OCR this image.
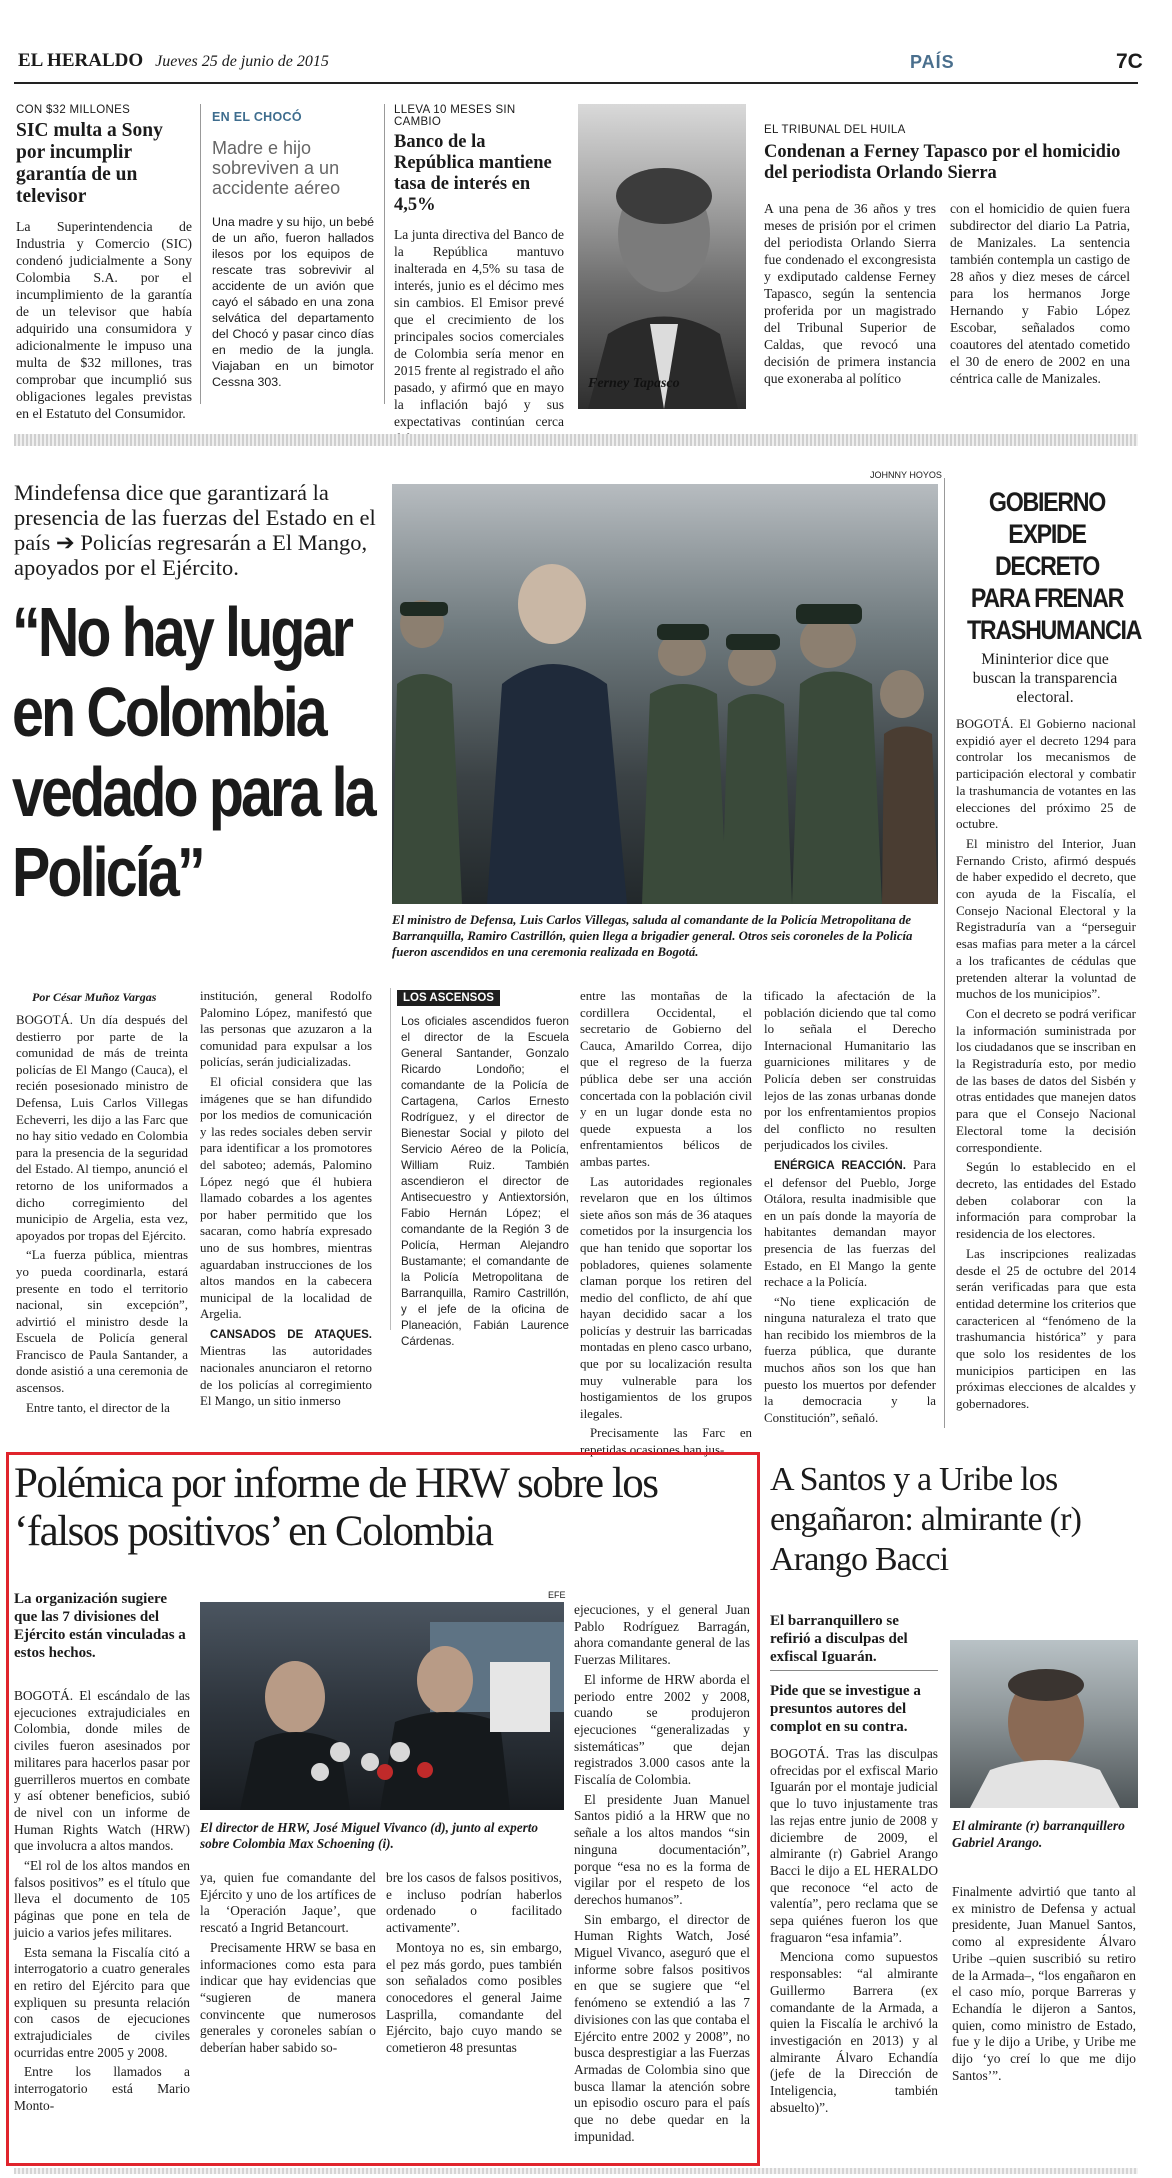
EL HERALDO Jueves 25 de junio de 2015	PAÍS	7C
CON $32 MILLONES
SIC multa a Sony por incumplir garantía de un televisor
La Superintendencia de Industria y Comercio (SIC) condenó judicialmente a Sony Colombia S.A. por el incumplimiento de la garantía de un televisor que había adquirido una consumidora y adicionalmente le impuso una multa de $32 millones, tras comprobar que incumplió sus obligaciones legales previstas en el Estatuto del Consumidor.
EN EL CHOCÓ
Madre e hijo sobreviven a un accidente aéreo
Una madre y su hijo, un bebé de un año, fueron hallados ilesos por los equipos de rescate tras sobrevivir al accidente de un avión que cayó el sábado en una zona selvática del departamento del Chocó y pasar cinco días en medio de la jungla. Viajaban en un bimotor Cessna 303.
LLEVA 10 MESES SIN CAMBIO
Banco de la República mantiene tasa de interés en 4,5%
La junta directiva del Banco de la República mantuvo inalterada en 4,5% su tasa de interés, junio es el décimo mes sin cambios. El Emisor prevé que el crecimiento de los principales socios comerciales de Colombia sería menor en 2015 frente al registrado el año pasado, y afirmó que en mayo la inflación bajó y sus expectativas continúan cerca
Ferney Tapasco
EL TRIBUNAL DEL HUILA
Condenan a Ferney Tapasco por el homicidio del periodista Orlando Sierra
A una pena de 36 años y tres meses de prisión por el crimen del periodista Orlando Sierra fue condenado el excongresista y exdiputado caldense Ferney Tapasco, según la sentencia proferida por un magistrado del Tribunal Superior de Caldas, que revocó una decisión de primera instancia que exoneraba al político
con el homicidio de quien fuera subdirector del diario La Patria, de Manizales. La sentencia también contempla un castigo de 28 años y diez meses de cárcel para los hermanos Jorge Hernando y Fabio López Escobar, señalados como coautores del atentado cometido el 30 de enero de 2002 en una céntrica calle de Manizales.
Mindefensa dice que garantizará la presencia de las fuerzas del Estado en el país ➔ Policías regresarán a El Mango, apoyados por el Ejército.
“No hay lugar en Colombia vedado para la Policía”
JOHNNY HOYOS
El ministro de Defensa, Luis Carlos Villegas, saluda al comandante de la Policía Metropolitana de Barranquilla, Ramiro Castrillón, quien llega a brigadier general. Otros seis coroneles de la Policía fueron ascendidos en una ceremonia realizada en Bogotá.
Por César Muñoz Vargas

BOGOTÁ. Un día después del destierro por parte de la comunidad de más de treinta policías de El Mango (Cauca), el recién posesionado ministro de Defensa, Luis Carlos Villegas Echeverri, les dijo a las Farc que no hay sitio vedado en Colombia para la presencia de la seguridad del Estado. Al tiempo, anunció el retorno de los uniformados a dicho corregimiento del municipio de Argelia, esta vez, apoyados por tropas del Ejército.

“La fuerza pública, mientras yo pueda coordinarla, estará presente en todo el territorio nacional, sin excepción”, advirtió el ministro desde la Escuela de Policía general Francisco de Paula Santander, a donde asistió a una ceremonia de ascensos.

Entre tanto, el director de la

institución, general Rodolfo Palomino López, manifestó que las personas que azuzaron a la comunidad para expulsar a los policías, serán judicializadas.

El oficial considera que las imágenes que se han difundido por los medios de comunicación y las redes sociales deben servir para identificar a los promotores del saboteo; además, Palomino López negó que él hubiera llamado cobardes a los agentes por haber permitido que los sacaran, como habría expresado uno de sus hombres, mientras aguardaban instrucciones de los altos mandos en la cabecera municipal de la localidad de Argelia.

CANSADOS DE ATAQUES. Mientras las autoridades nacionales anunciaron el retorno de los policías al corregimiento El Mango, un sitio inmerso

LOS ASCENSOS
Los oficiales ascendidos fueron el director de la Escuela General Santander, Gonzalo Ricardo Londoño; el comandante de la Policía de Cartagena, Carlos Ernesto Rodríguez, y el director de Bienestar Social y piloto del Servicio Aéreo de la Policía, William Ruiz. También ascendieron el director de Antisecuestro y Antiextorsión, Fabio Hernán López; el comandante de la Región 3 de Policía, Herman Alejandro Bustamante; el comandante de la Policía Metropolitana de Barranquilla, Ramiro Castrillón, y el jefe de la oficina de Planeación, Fabián Laurence Cárdenas.

entre las montañas de la cordillera Occidental, el secretario de Gobierno del Cauca, Amarildo Correa, dijo que el regreso de la fuerza pública debe ser una acción concertada con la población civil y en un lugar donde esta no quede expuesta a los enfrentamientos bélicos de ambas partes.

Las autoridades regionales revelaron que en los últimos siete años son más de 36 ataques cometidos por la insurgencia los que han tenido que soportar los pobladores, quienes solamente claman porque los retiren del medio del conflicto, de ahí que hayan decidido sacar a los policías y destruir las barricadas montadas en pleno casco urbano, que por su localización resulta muy vulnerable para los hostigamientos de los grupos ilegales.

Precisamente las Farc en repetidas ocasiones han jus-

tificado la afectación de la población diciendo que tal como lo señala el Derecho Internacional Humanitario las guarniciones militares y de Policía deben ser construidas lejos de las zonas urbanas donde por los enfrentamientos propios del conflicto no resulten perjudicados los civiles.

ENÉRGICA REACCIÓN. Para el defensor del Pueblo, Jorge Otálora, resulta inadmisible que en un país donde la mayoría de habitantes demandan mayor presencia de las fuerzas del Estado, en El Mango la gente rechace a la Policía.

“No tiene explicación de ninguna naturaleza el trato que han recibido los miembros de la fuerza pública, que durante muchos años son los que han puesto los muertos por defender la democracia y la Constitución”, señaló.

GOBIERNO EXPIDE DECRETO PARA FRENAR TRASHUMANCIA
Mininterior dice que buscan la transparencia electoral.

BOGOTÁ. El Gobierno nacional expidió ayer el decreto 1294 para controlar los mecanismos de participación electoral y combatir la trashumancia de votantes en las elecciones del próximo 25 de octubre.

El ministro del Interior, Juan Fernando Cristo, afirmó después de haber expedido el decreto, que con ayuda de la Fiscalía, el Consejo Nacional Electoral y la Registraduría van a “perseguir esas mafias para meter a la cárcel a los traficantes de cédulas que pretenden alterar la voluntad de muchos de los municipios”.

Con el decreto se podrá verificar la información suministrada por los ciudadanos que se inscriban en la Registraduría esto, por medio de las bases de datos del Sisbén y otras entidades que manejen datos para que el Consejo Nacional Electoral tome la decisión correspondiente.

Según lo establecido en el decreto, las entidades del Estado deben colaborar con la información para comprobar la residencia de los electores.

Las inscripciones realizadas desde el 25 de octubre del 2014 serán verificadas para que esta entidad determine los criterios que caractericen al “fenómeno de la trashumancia histórica” y para que solo los residentes de los municipios participen en las próximas elecciones de alcaldes y gobernadores.

Polémica por informe de HRW sobre los ‘falsos positivos’ en Colombia
La organización sugiere que las 7 divisiones del Ejército están vinculadas a estos hechos.
EFE
El director de HRW, José Miguel Vivanco (d), junto al experto sobre Colombia Max Schoening (i).

BOGOTÁ. El escándalo de las ejecuciones extrajudiciales en Colombia, donde miles de civiles fueron asesinados por militares para hacerlos pasar por guerrilleros muertos en combate y así obtener beneficios, subió de nivel con un informe de Human Rights Watch (HRW) que involucra a altos mandos.

“El rol de los altos mandos en falsos positivos” es el título que lleva el documento de 105 páginas que pone en tela de juicio a varios jefes militares.

Esta semana la Fiscalía citó a interrogatorio a cuatro generales en retiro del Ejército para que expliquen su presunta relación con casos de ejecuciones extrajudiciales de civiles ocurridas entre 2005 y 2008.

Entre los llamados a interrogatorio está Mario Monto-

ya, quien fue comandante del Ejército y uno de los artífices de la ‘Operación Jaque’, que rescató a Ingrid Betancourt.

Precisamente HRW se basa en informaciones como esta para indicar que hay evidencias que “sugieren de manera convincente que numerosos generales y coroneles sabían o deberían haber sabido so-

bre los casos de falsos positivos, e incluso podrían haberlos ordenado o facilitado activamente”.

Montoya no es, sin embargo, el pez más gordo, pues también son señalados como posibles conocedores el general Jaime Lasprilla, comandante del Ejército, bajo cuyo mando se cometieron 48 presuntas

ejecuciones, y el general Juan Pablo Rodríguez Barragán, ahora comandante general de las Fuerzas Militares.

El informe de HRW aborda el periodo entre 2002 y 2008, cuando se produjeron ejecuciones “generalizadas y sistemáticas” que dejan registrados 3.000 casos ante la Fiscalía de Colombia.

El presidente Juan Manuel Santos pidió a la HRW que no señale a los altos mandos “sin ninguna documentación”, porque “esa no es la forma de vigilar por el respeto de los derechos humanos”.

Sin embargo, el director de Human Rights Watch, José Miguel Vivanco, aseguró que el informe sobre falsos positivos en que se sugiere que “el fenómeno se extendió a las 7 divisiones con las que contaba el Ejército entre 2002 y 2008”, no busca desprestigiar a las Fuerzas Armadas de Colombia sino que busca llamar la atención sobre un episodio oscuro para el país que no debe quedar en la impunidad.

A Santos y a Uribe los engañaron: almirante (r) Arango Bacci
El barranquillero se refirió a disculpas del exfiscal Iguarán.
Pide que se investigue a presuntos autores del complot en su contra.
El almirante (r) barranquillero Gabriel Arango.

BOGOTÁ. Tras las disculpas ofrecidas por el exfiscal Mario Iguarán por el montaje judicial que lo tuvo injustamente tras las rejas entre junio de 2008 y diciembre de 2009, el almirante (r) Gabriel Arango Bacci le dijo a EL HERALDO que reconoce “el acto de valentía”, pero reclama que se sepa quiénes fueron los que fraguaron “esa infamia”.

Menciona como supuestos responsables: “al almirante Guillermo Barrera (ex comandante de la Armada, a quien la Fiscalía le archivó la investigación en 2013) y al almirante Álvaro Echandía (jefe de la Dirección de Inteligencia, también absuelto)”.

Finalmente advirtió que tanto al ex ministro de Defensa y actual presidente, Juan Manuel Santos, como al expresidente Álvaro Uribe –quien suscribió su retiro de la Armada–, “los engañaron en el caso mío, porque Barreras y Echandía le dijeron a Santos, quien, como ministro de Estado, fue y le dijo a Uribe, y Uribe me dijo ‘yo creí lo que me dijo Santos’”.
